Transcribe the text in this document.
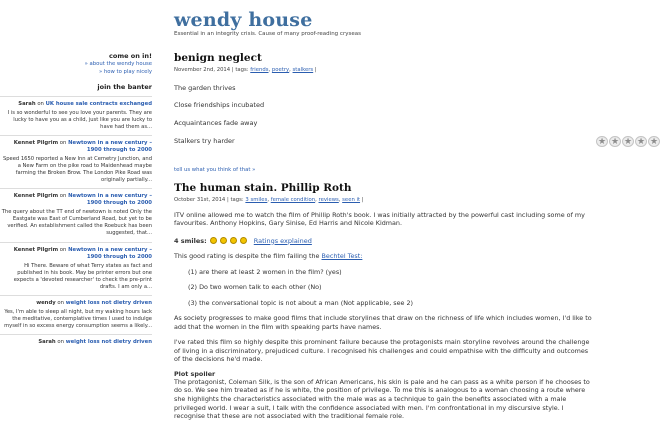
wendy house
Essential in an integrity crisis. Cause of many proof-reading cryseas
come on in!
» about the wendy house
» how to play nicely
join the banter
Sarah on UK house sale contracts exchanged
I is so wonderful to see you love your parents. They are lucky to have you as a child, just like you are lucky to have had them as...
Kennet Pilgrim on Newtown in a new century – 1900 through to 2000
Speed 1650 reported a New Inn at Cemetry Junction, and a New Farm on the pike road to Maidenhead maybe farming the Broken Brow. The London Pike Road was originally partially...
Kennet Pilgrim on Newtown in a new century – 1900 through to 2000
The query about the TT end of newtown is noted Only the Eastgate was East of Cumberland Road, but yet to be verified. An establishment called the Roebuck has been suggested, that...
Kennet Pilgrim on Newtown in a new century – 1900 through to 2000
Hi There. Beware of what Terry states as fact and published in his book. May be printer errors but one expects a 'devoted researcher' to check the pre-print drafts. I am only a...
wendy on weight loss not dietry driven
Yes, I'm able to sleep all night, but my waking hours lack the meditative, contemplative times I used to indulge myself in so excess energy consumption seems a likely...
Sarah on weight loss not dietry driven
benign neglect
November 2nd, 2014 | tags: friends, poetry, stalkers |
The garden thrives
Close friendships incubated
Acquaintances fade away
Stalkers try harder	★ ★ ★ ★ ★
tell us what you think of that »
The human stain. Phillip Roth
October 31st, 2014 | tags: 3 smiles, female condition, reviews, seen it |

ITV online allowed me to watch the film of Phillip Roth's book. I was initially attracted by the powerful cast including some of my favourites. Anthony Hopkins, Gary Sinise, Ed Harris and Nicole Kidman.

4 smiles:	Ratings explained

This good rating is despite the film failing the Bechtel Test:

(1) are there at least 2 women in the film? (yes)

(2) Do two women talk to each other (No)

(3) the conversational topic is not about a man (Not applicable, see 2)

As society progresses to make good films that include storylines that draw on the richness of life which includes women, I'd like to add that the women in the film with speaking parts have names.

I've rated this film so highly despite this prominent failure because the protagonists main storyline revolves around the challenge of living in a discriminatory, prejudiced culture. I recognised his challenges and could empathise with the difficulty and outcomes of the decisions he'd made.

Plot spoiler

The protagonist, Coleman Silk, is the son of African Americans, his skin is pale and he can pass as a white person if he chooses to do so. We see him treated as if he is white, the position of privilege. To me this is analogous to a woman choosing a route where she highlights the characteristics associated with the male was as a technique to gain the benefits associated with a male privileged world. I wear a suit, I talk with the confidence associated with men. I'm confrontational in my discursive style. I recognise that these are not associated with the traditional female role.
